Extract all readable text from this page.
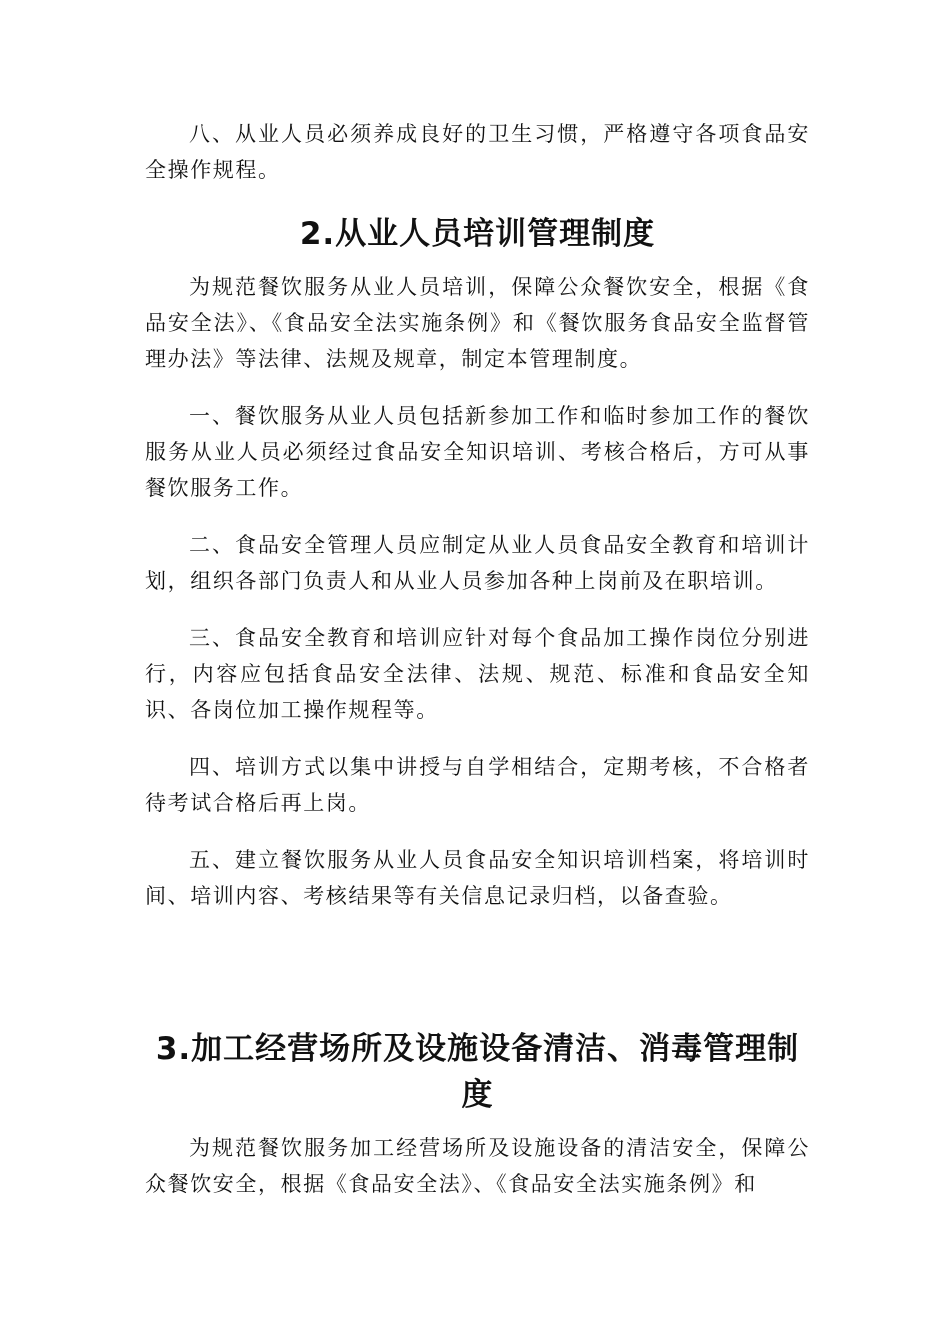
八、从业人员必须养成良好的卫生习惯，严格遵守各项食品安全操作规程。

2.从业人员培训管理制度

为规范餐饮服务从业人员培训，保障公众餐饮安全，根据《食品安全法》、《食品安全法实施条例》和《餐饮服务食品安全监督管理办法》等法律、法规及规章，制定本管理制度。

一、餐饮服务从业人员包括新参加工作和临时参加工作的餐饮服务从业人员必须经过食品安全知识培训、考核合格后，方可从事餐饮服务工作。

二、食品安全管理人员应制定从业人员食品安全教育和培训计划，组织各部门负责人和从业人员参加各种上岗前及在职培训。

三、食品安全教育和培训应针对每个食品加工操作岗位分别进行，内容应包括食品安全法律、法规、规范、标准和食品安全知识、各岗位加工操作规程等。

四、培训方式以集中讲授与自学相结合，定期考核，不合格者待考试合格后再上岗。

五、建立餐饮服务从业人员食品安全知识培训档案，将培训时间、培训内容、考核结果等有关信息记录归档，以备查验。

3.加工经营场所及设施设备清洁、消毒管理制度

为规范餐饮服务加工经营场所及设施设备的清洁安全，保障公众餐饮安全，根据《食品安全法》、《食品安全法实施条例》和
